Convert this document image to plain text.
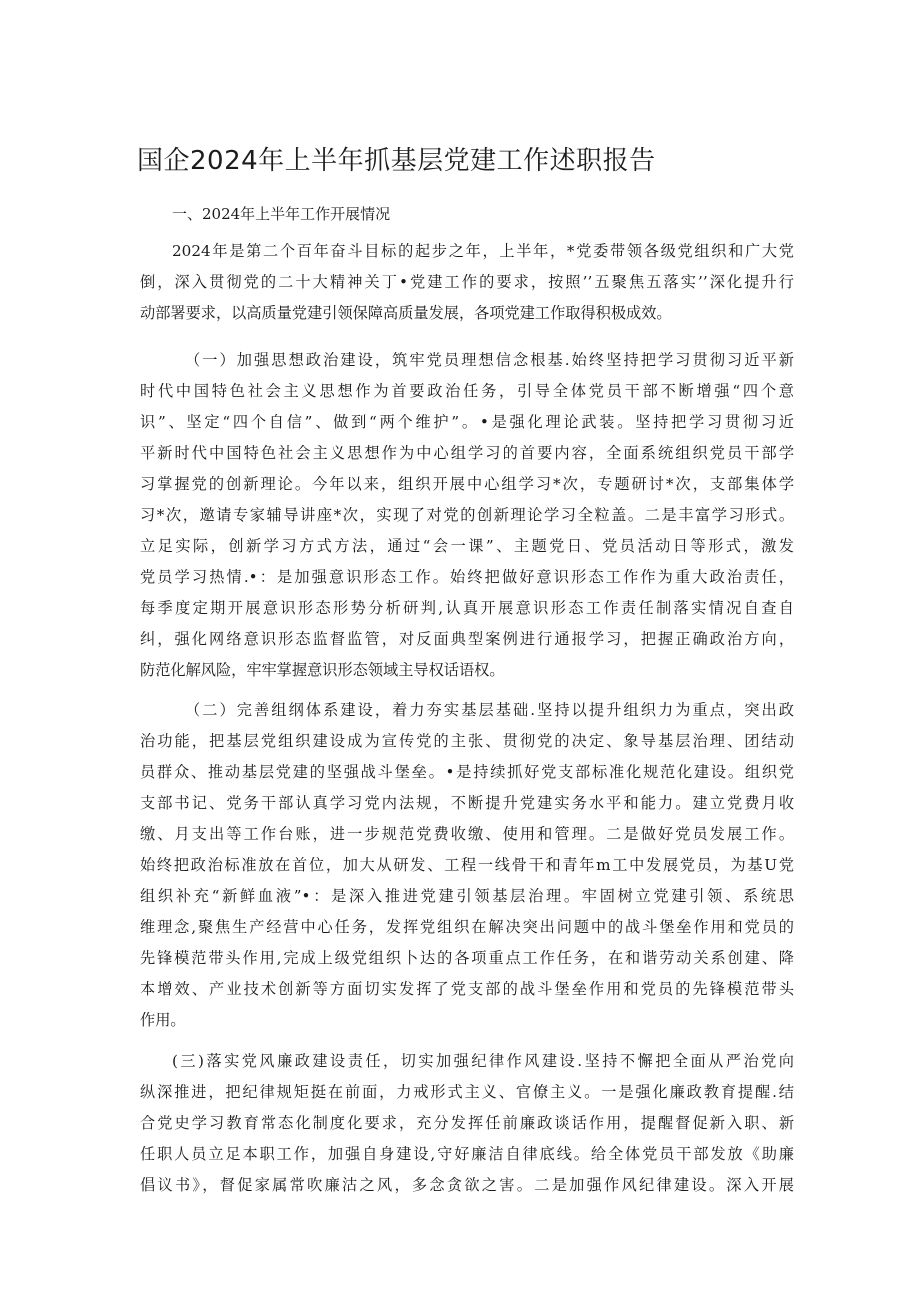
国企2024年上半年抓基层党建工作述职报告
一、2024年上半年工作开展情况
2024年是第二个百年奋斗目标的起步之年，上半年，*党委带领各级党组织和广大党
倒，深入贯彻党的二十大精神关丁•党建工作的要求，按照’’五聚焦五落实’’深化提升行
动部署要求，以高质量党建引领保障高质量发展，各项党建工作取得积极成效。
（一）加强思想政治建设，筑牢党员理想信念根基.始终坚持把学习贯彻习近平新
时代中国特色社会主义思想作为首要政治任务，引导全体党员干部不断增强“四个意
识”、坚定“四个自信”、做到“两个维护”。•是强化理论武装。坚持把学习贯彻习近
平新时代中国特色社会主义思想作为中心组学习的首要内容，全面系统组织党员干部学
习掌握党的创新理论。今年以来，组织开展中心组学习*次，专题研讨*次，支部集体学
习*次，邀请专家辅导讲座*次，实现了对党的创新理论学习全粒盖。二是丰富学习形式。
立足实际，创新学习方式方法，通过“会一课”、主题党日、党员活动日等形式，激发
党员学习热情.•：是加强意识形态工作。始终把做好意识形态工作作为重大政治责任，
每季度定期开展意识形态形势分析研判,认真开展意识形态工作责任制落实情况自查自
纠，强化网络意识形态监督监管，对反面典型案例进行通报学习，把握正确政治方向，
防范化解风险，牢牢掌握意识形态领域主导权话语权。
（二）完善组纲体系建设，着力夯实基层基础.坚持以提升组织力为重点，突出政
治功能，把基层党组织建设成为宣传党的主张、贯彻党的决定、象导基层治理、团结动
员群众、推动基层党建的坚强战斗堡垒。•是持续抓好党支部标准化规范化建设。组织党
支部书记、党务干部认真学习党内法规，不断提升党建实务水平和能力。建立党费月收
缴、月支出等工作台账，进一步规范党费收缴、使用和管理。二是做好党员发展工作。
始终把政治标准放在首位，加大从研发、工程一线骨干和青年m工中发展党员，为基U党
组织补充“新鲜血液”•：是深入推进党建引领基层治理。牢固树立党建引领、系统思
维理念,聚焦生产经营中心任务，发挥党组织在解决突出问题中的战斗堡垒作用和党员的
先锋模范带头作用,完成上级党组织卜达的各项重点工作任务，在和谐劳动关系创建、降
本增效、产业技术创新等方面切实发挥了党支部的战斗堡垒作用和党员的先锋模范带头
作用。
(三)落实党风廉政建设责任，切实加强纪律作风建设.坚持不懈把全面从严治党向
纵深推进，把纪律规矩挺在前面，力戒形式主义、官僚主义。一是强化廉政教育提醒.结
合党史学习教育常态化制度化要求，充分发挥任前廉政谈话作用，提醒督促新入职、新
任职人员立足本职工作，加强自身建设,守好廉洁自律底线。给全体党员干部发放《助廉
倡议书》，督促家属常吹廉沽之风，多念贪欲之害。二是加强作风纪律建设。深入开展
